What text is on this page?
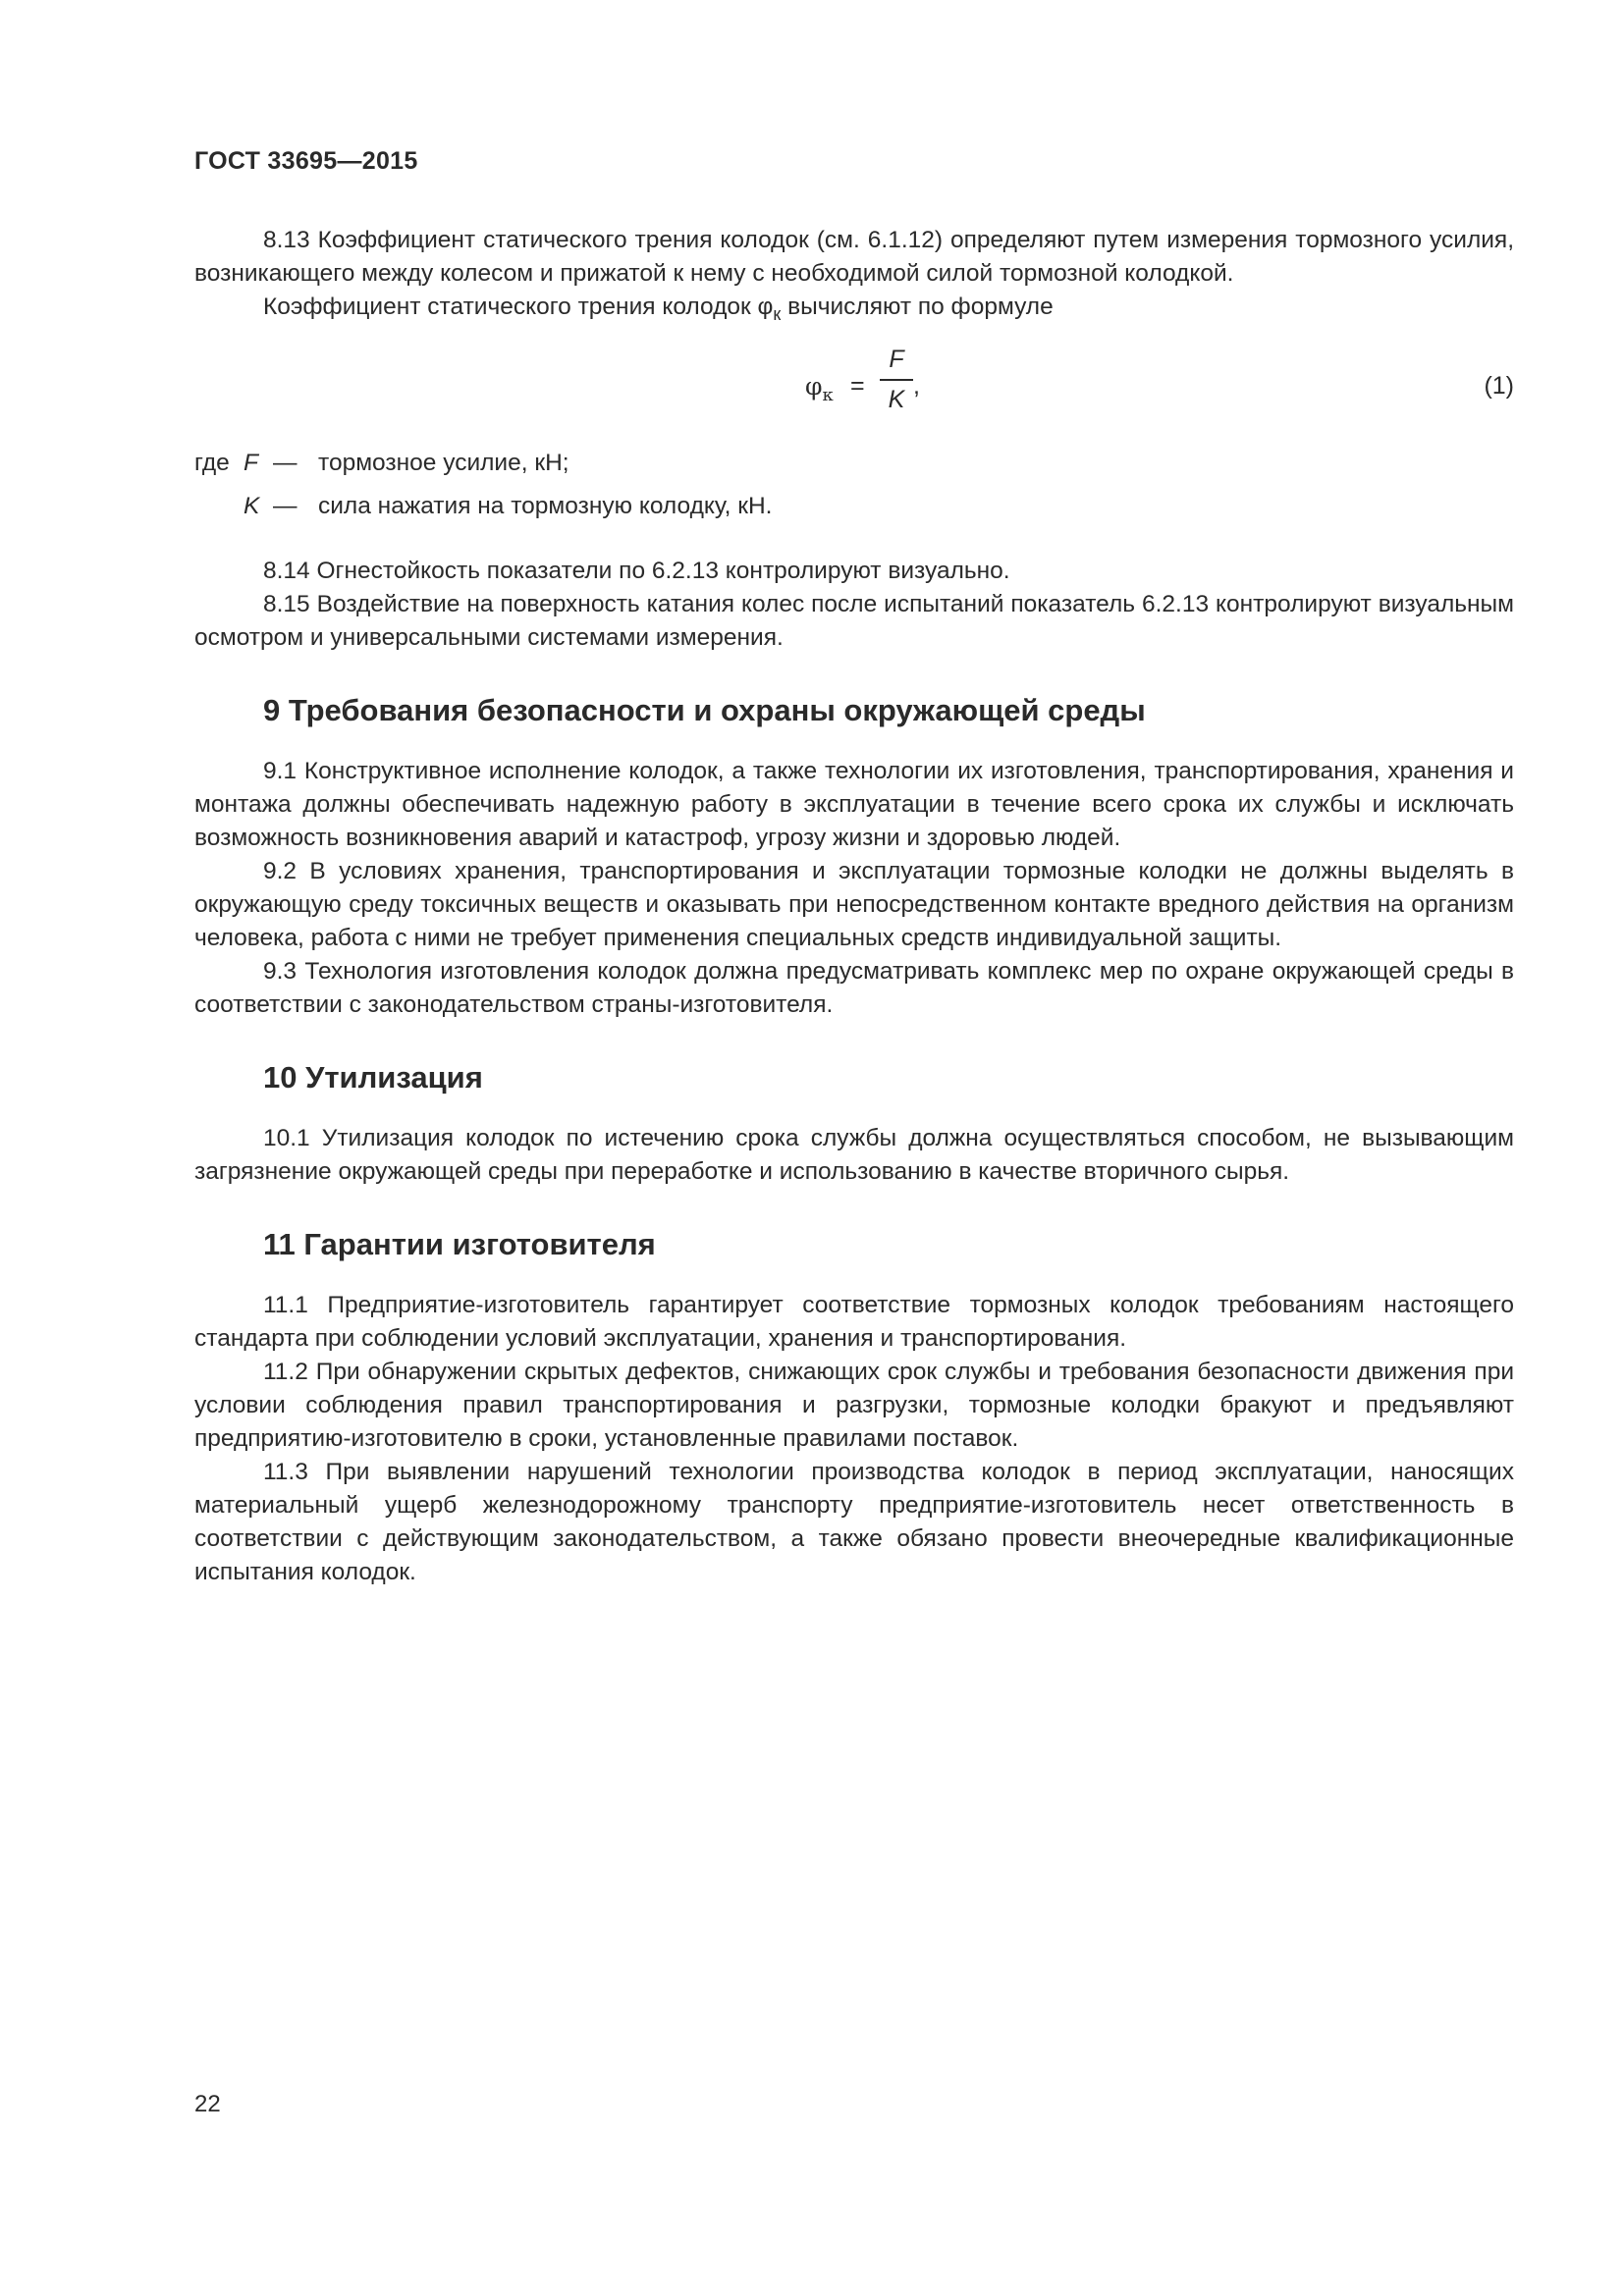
ГОСТ 33695—2015

8.13 Коэффициент статического трения колодок (см. 6.1.12) определяют путем измерения тормозного усилия, возникающего между колесом и прижатой к нему с необходимой силой тормозной колодкой.

Коэффициент статического трения колодок $\varphi_к$ вычисляют по формуле

$\varphi_к$ =
F
K ,	(1)
где F — тормозное усилие, кН;
K — сила нажатия на тормозную колодку, кН.

8.14 Огнестойкость показатели по 6.2.13 контролируют визуально.

8.15 Воздействие на поверхность катания колес после испытаний показатель 6.2.13 контролируют визуальным осмотром и универсальными системами измерения.

9 Требования безопасности и охраны окружающей среды

9.1 Конструктивное исполнение колодок, а также технологии их изготовления, транспортирования, хранения и монтажа должны обеспечивать надежную работу в эксплуатации в течение всего срока их службы и исключать возможность возникновения аварий и катастроф, угрозу жизни и здоровью людей.

9.2 В условиях хранения, транспортирования и эксплуатации тормозные колодки не должны выделять в окружающую среду токсичных веществ и оказывать при непосредственном контакте вредного действия на организм человека, работа с ними не требует применения специальных средств индивидуальной защиты.

9.3 Технология изготовления колодок должна предусматривать комплекс мер по охране окружающей среды в соответствии с законодательством страны-изготовителя.

10 Утилизация

10.1 Утилизация колодок по истечению срока службы должна осуществляться способом, не вызывающим загрязнение окружающей среды при переработке и использованию в качестве вторичного сырья.

11 Гарантии изготовителя

11.1 Предприятие-изготовитель гарантирует соответствие тормозных колодок требованиям настоящего стандарта при соблюдении условий эксплуатации, хранения и транспортирования.

11.2 При обнаружении скрытых дефектов, снижающих срок службы и требования безопасности движения при условии соблюдения правил транспортирования и разгрузки, тормозные колодки бракуют и предъявляют предприятию-изготовителю в сроки, установленные правилами поставок.

11.3 При выявлении нарушений технологии производства колодок в период эксплуатации, наносящих материальный ущерб железнодорожному транспорту предприятие-изготовитель несет ответственность в соответствии с действующим законодательством, а также обязано провести внеочередные квалификационные испытания колодок.

22
